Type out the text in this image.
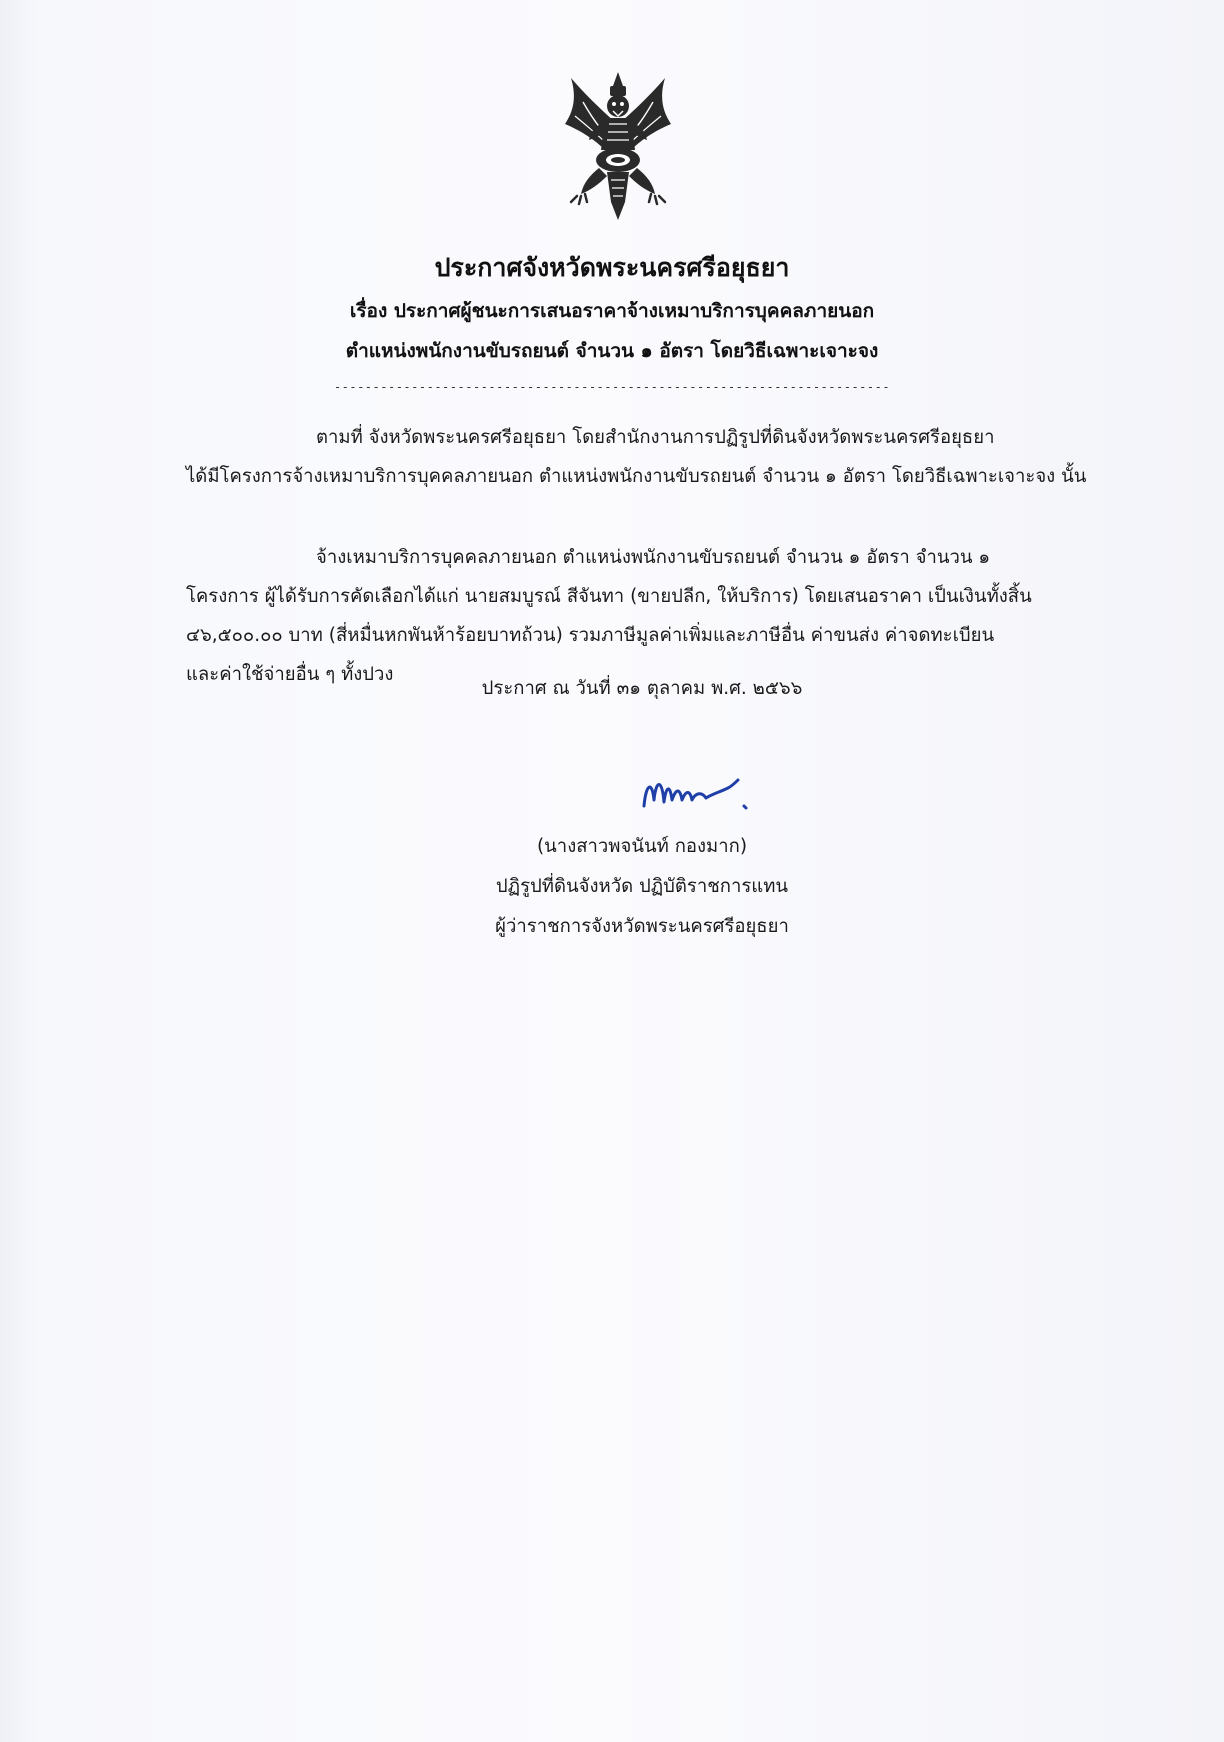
ประกาศจังหวัดพระนครศรีอยุธยา
เรื่อง ประกาศผู้ชนะการเสนอราคาจ้างเหมาบริการบุคคลภายนอก
ตำแหน่งพนักงานขับรถยนต์ จำนวน ๑ อัตรา โดยวิธีเฉพาะเจาะจง
------------------------------------------------------------------------
ตามที่ จังหวัดพระนครศรีอยุธยา โดยสำนักงานการปฏิรูปที่ดินจังหวัดพระนครศรีอยุธยา
ได้มีโครงการจ้างเหมาบริการบุคคลภายนอก ตำแหน่งพนักงานขับรถยนต์ จำนวน ๑ อัตรา โดยวิธีเฉพาะเจาะจง นั้น
จ้างเหมาบริการบุคคลภายนอก ตำแหน่งพนักงานขับรถยนต์ จำนวน ๑ อัตรา จำนวน ๑
โครงการ ผู้ได้รับการคัดเลือกได้แก่ นายสมบูรณ์ สีจันทา (ขายปลีก, ให้บริการ) โดยเสนอราคา เป็นเงินทั้งสิ้น
๔๖,๕๐๐.๐๐ บาท (สี่หมื่นหกพันห้าร้อยบาทถ้วน) รวมภาษีมูลค่าเพิ่มและภาษีอื่น ค่าขนส่ง ค่าจดทะเบียน
และค่าใช้จ่ายอื่น ๆ ทั้งปวง
ประกาศ ณ วันที่ ๓๑ ตุลาคม พ.ศ. ๒๕๖๖
(นางสาวพจนันท์ กองมาก)
ปฏิรูปที่ดินจังหวัด ปฏิบัติราชการแทน
ผู้ว่าราชการจังหวัดพระนครศรีอยุธยา
